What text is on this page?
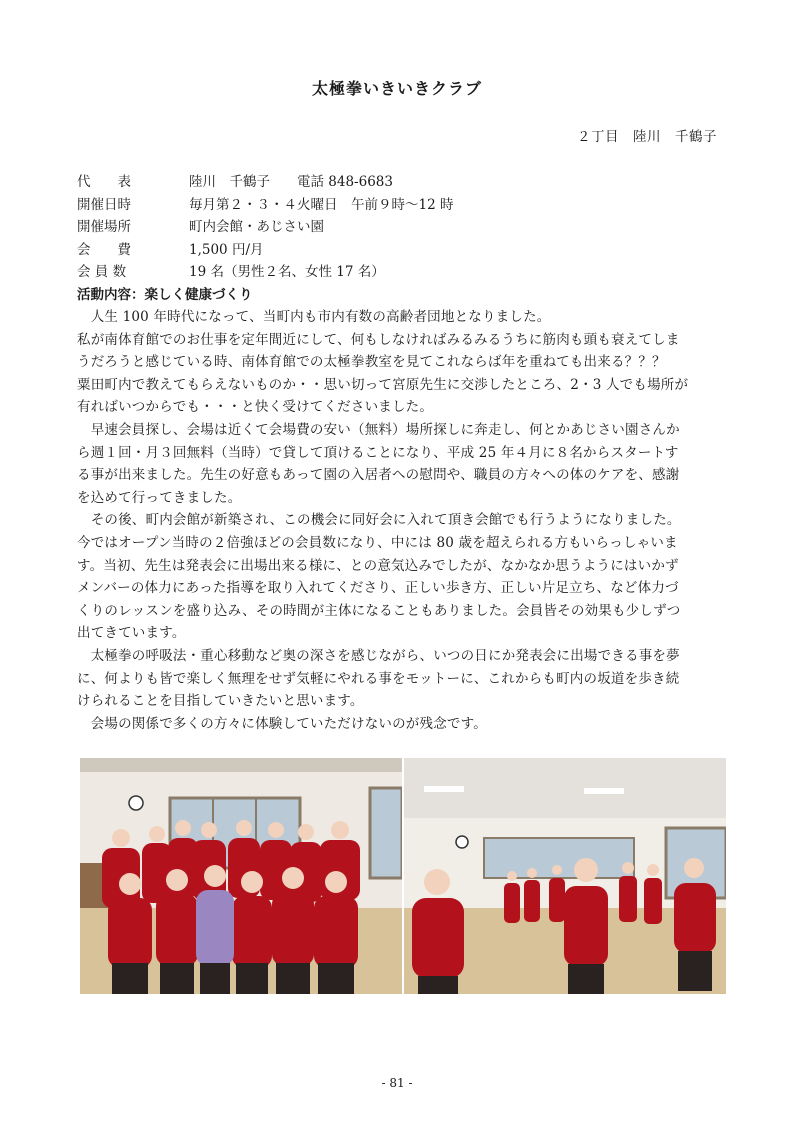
太極拳いきいきクラブ
２丁目　陸川　千鶴子
代　　表	陸川　千鶴子　　電話 848-6683
開催日時	毎月第２・３・４火曜日　午前９時～12 時
開催場所	町内会館・あじさい園
会　　費	1,500 円/月
会 員 数	19 名（男性２名、女性 17 名）
活動内容：楽しく健康づくり
　人生 100 年時代になって、当町内も市内有数の高齢者団地となりました。
私が南体育館でのお仕事を定年間近にして、何もしなければみるみるうちに筋肉も頭も衰えてしま
うだろうと感じている時、南体育館での太極拳教室を見てこれならば年を重ねても出来る？？？
粟田町内で教えてもらえないものか・・思い切って宮原先生に交渉したところ、2・3 人でも場所が
有ればいつからでも・・・と快く受けてくださいました。
　早速会員探し、会場は近くて会場費の安い（無料）場所探しに奔走し、何とかあじさい園さんか
ら週１回・月３回無料（当時）で貸して頂けることになり、平成 25 年４月に８名からスタートす
る事が出来ました。先生の好意もあって園の入居者への慰問や、職員の方々への体のケアを、感謝
を込めて行ってきました。
　その後、町内会館が新築され、この機会に同好会に入れて頂き会館でも行うようになりました。
今ではオープン当時の２倍強ほどの会員数になり、中には 80 歳を超えられる方もいらっしゃいま
す。当初、先生は発表会に出場出来る様に、との意気込みでしたが、なかなか思うようにはいかず
メンバーの体力にあった指導を取り入れてくださり、正しい歩き方、正しい片足立ち、など体力づ
くりのレッスンを盛り込み、その時間が主体になることもありました。会員皆その効果も少しずつ
出てきています。
　太極拳の呼吸法・重心移動など奥の深さを感じながら、いつの日にか発表会に出場できる事を夢
に、何よりも皆で楽しく無理をせず気軽にやれる事をモットーに、これからも町内の坂道を歩き続
けられることを目指していきたいと思います。
　会場の関係で多くの方々に体験していただけないのが残念です。
- 81 -
